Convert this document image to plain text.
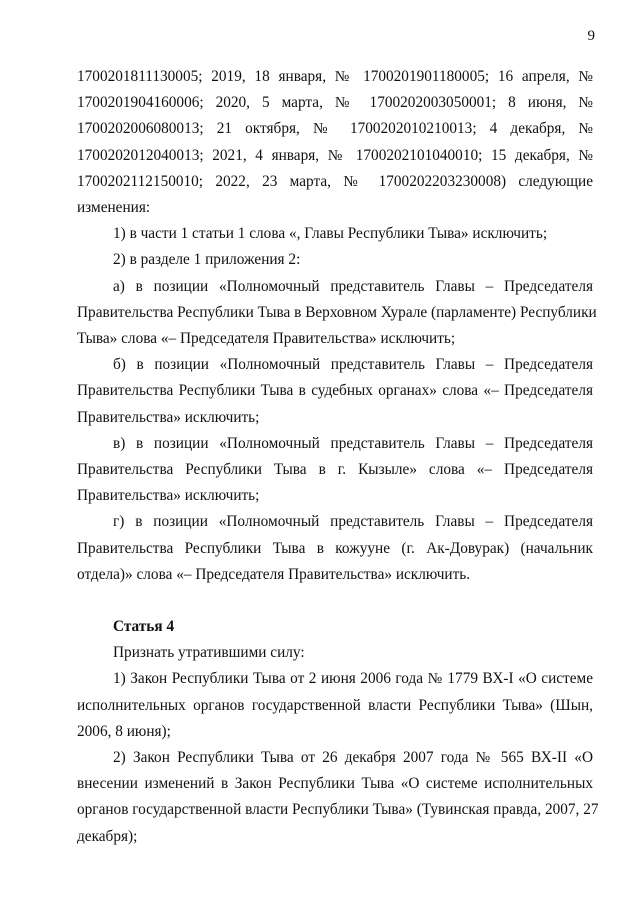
9
1700201811130005; 2019, 18 января, № 1700201901180005; 16 апреля, №
1700201904160006; 2020, 5 марта, № 1700202003050001; 8 июня, №
1700202006080013; 21 октября, № 1700202010210013; 4 декабря, №
1700202012040013; 2021, 4 января, № 1700202101040010; 15 декабря, №
1700202112150010; 2022, 23 марта, № 1700202203230008) следующие
изменения:
1) в части 1 статьи 1 слова «, Главы Республики Тыва» исключить;
2) в разделе 1 приложения 2:
а) в позиции «Полномочный представитель Главы – Председателя
Правительства Республики Тыва в Верховном Хурале (парламенте) Республики
Тыва» слова «– Председателя Правительства» исключить;
б) в позиции «Полномочный представитель Главы – Председателя
Правительства Республики Тыва в судебных органах» слова «– Председателя
Правительства» исключить;
в) в позиции «Полномочный представитель Главы – Председателя
Правительства Республики Тыва в г. Кызыле» слова «– Председателя
Правительства» исключить;
г) в позиции «Полномочный представитель Главы – Председателя
Правительства Республики Тыва в кожууне (г. Ак-Довурак) (начальник
отдела)» слова «– Председателя Правительства» исключить.
Статья 4
Признать утратившими силу:
1) Закон Республики Тыва от 2 июня 2006 года № 1779 ВХ-I «О системе
исполнительных органов государственной власти Республики Тыва» (Шын,
2006, 8 июня);
2) Закон Республики Тыва от 26 декабря 2007 года № 565 ВХ-II «О
внесении изменений в Закон Республики Тыва «О системе исполнительных
органов государственной власти Республики Тыва» (Тувинская правда, 2007, 27
декабря);
